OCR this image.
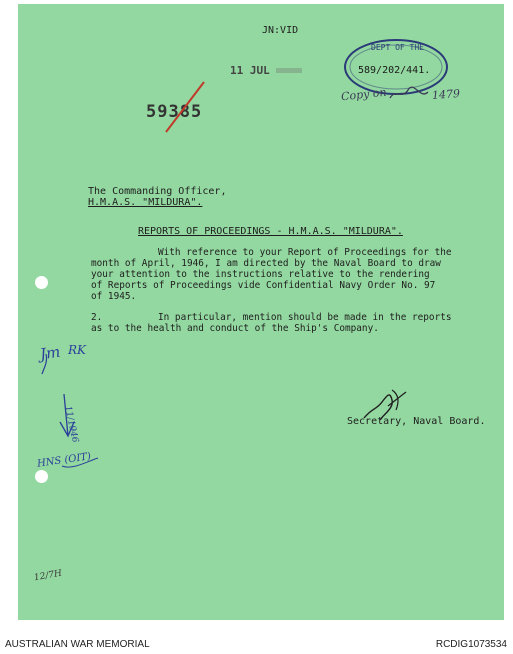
JN:VID
11 JUL
59385
DEPT OF THE
589/202/441.
Copy on	1479
The Commanding Officer,
H.M.A.S. "MILDURA".
REPORTS OF PROCEEDINGS - H.M.A.S. "MILDURA".
With reference to your Report of Proceedings for the
month of April, 1946, I am directed by the Naval Board to draw
your attention to the instructions relative to the rendering
of Reports of Proceedings vide Confidential Navy Order No. 97
of 1945.
2.	In particular, mention should be made in the reports
as to the health and conduct of the Ship's Company.
Jm RK
11/1946
HNS (OIT)
12/7H
Secretary, Naval Board.
AUSTRALIAN WAR MEMORIAL	RCDIG1073534
